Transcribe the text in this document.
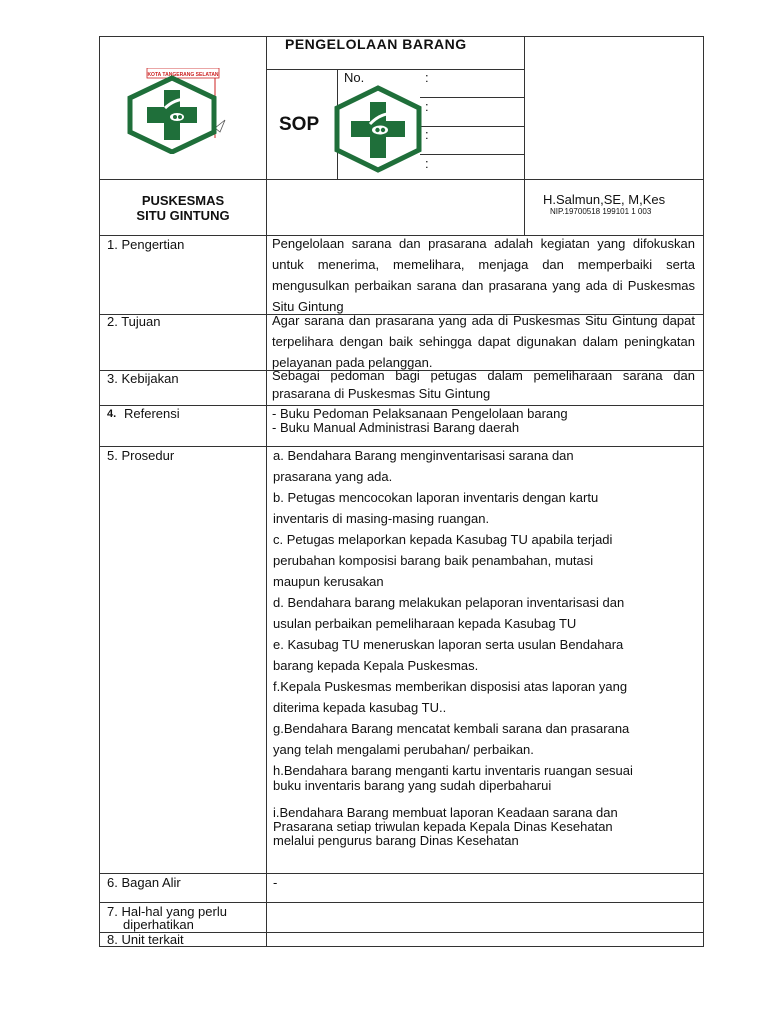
KOTA TANGERANG SELATAN
PENGELOLAAN BARANG
SOP
No.	:
:
:
:
PUSKESMAS
SITU GINTUNG
H.Salmun,SE, M,Kes
NIP.19700518 199101 1 003
1. Pengertian	Pengelolaan sarana dan prasarana adalah kegiatan yang difokuskan untuk menerima, memelihara, menjaga dan memperbaiki serta mengusulkan perbaikan sarana dan prasarana yang ada di Puskesmas Situ Gintung
2. Tujuan	Agar sarana dan prasarana yang ada di Puskesmas Situ Gintung dapat terpelihara dengan baik sehingga dapat digunakan dalam peningkatan pelayanan pada pelanggan.
3. Kebijakan	Sebagai pedoman bagi petugas dalam pemeliharaan sarana dan prasarana di Puskesmas Situ Gintung
4. Referensi	- Buku Pedoman Pelaksanaan Pengelolaan barang
- Buku Manual Administrasi Barang daerah
5. Prosedur	a. Bendahara Barang menginventarisasi sarana dan
prasarana yang ada.
b. Petugas mencocokan laporan inventaris dengan kartu
inventaris di masing-masing ruangan.
c. Petugas melaporkan kepada Kasubag TU apabila terjadi
perubahan komposisi barang baik penambahan, mutasi
maupun kerusakan
d. Bendahara barang melakukan pelaporan inventarisasi dan
usulan perbaikan pemeliharaan kepada Kasubag TU
e. Kasubag TU meneruskan laporan serta usulan Bendahara
barang kepada Kepala Puskesmas.
f.Kepala Puskesmas memberikan disposisi atas laporan yang
diterima kepada kasubag TU..
g.Bendahara Barang mencatat kembali sarana dan prasarana
yang telah mengalami perubahan/ perbaikan.
h.Bendahara barang menganti kartu inventaris ruangan sesuai
buku inventaris barang yang sudah diperbaharui
i.Bendahara Barang membuat laporan Keadaan sarana dan
Prasarana setiap triwulan kepada Kepala Dinas Kesehatan
melalui pengurus barang Dinas Kesehatan
6. Bagan Alir	-
7. Hal-hal yang perlu
diperhatikan
8. Unit terkait
